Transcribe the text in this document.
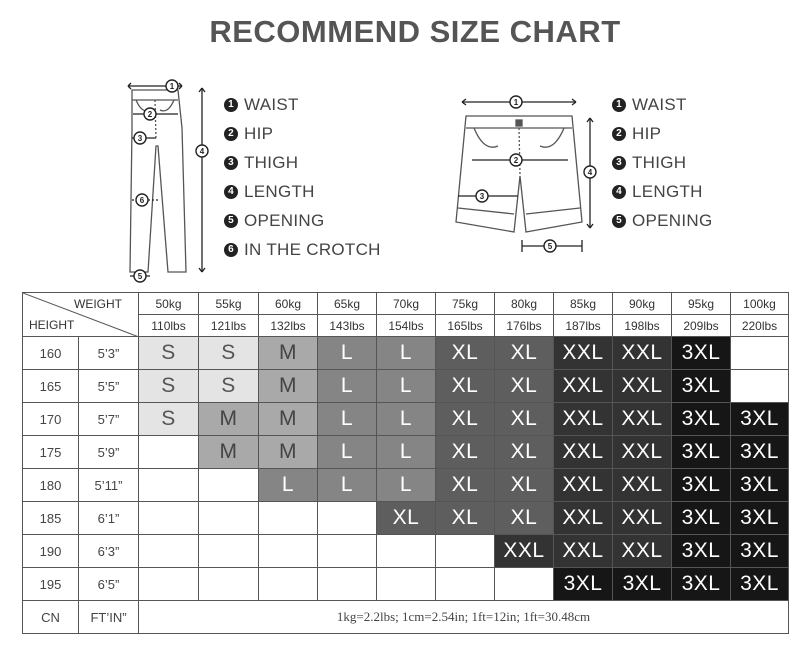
RECOMMEND SIZE CHART
1
2
3
4
6
5
1 WAIST
2 HIP
3 THIGH
4 LENGTH
5 OPENING
6 IN THE CROTCH
1
2
3
4
5
1 WAIST
2 HIP
3 THIGH
4 LENGTH
5 OPENING
WEIGHT
HEIGHT		50kg	55kg	60kg	65kg	70kg	75kg	80kg	85kg	90kg	95kg	100kg
		110lbs	121lbs	132lbs	143lbs	154lbs	165lbs	176lbs	187lbs	198lbs	209lbs	220lbs
160	5’3”	S	S	M	L	L	XL	XL	XXL	XXL	3XL	
165	5’5”	S	S	M	L	L	XL	XL	XXL	XXL	3XL	
170	5’7”	S	M	M	L	L	XL	XL	XXL	XXL	3XL	3XL
175	5’9”		M	M	L	L	XL	XL	XXL	XXL	3XL	3XL
180	5’11”			L	L	L	XL	XL	XXL	XXL	3XL	3XL
185	6’1”					XL	XL	XL	XXL	XXL	3XL	3XL
190	6’3”							XXL	XXL	XXL	3XL	3XL
195	6’5”								3XL	3XL	3XL	3XL
CN	FT’IN”	1kg=2.2lbs; 1cm=2.54in; 1ft=12in; 1ft=30.48cm										
